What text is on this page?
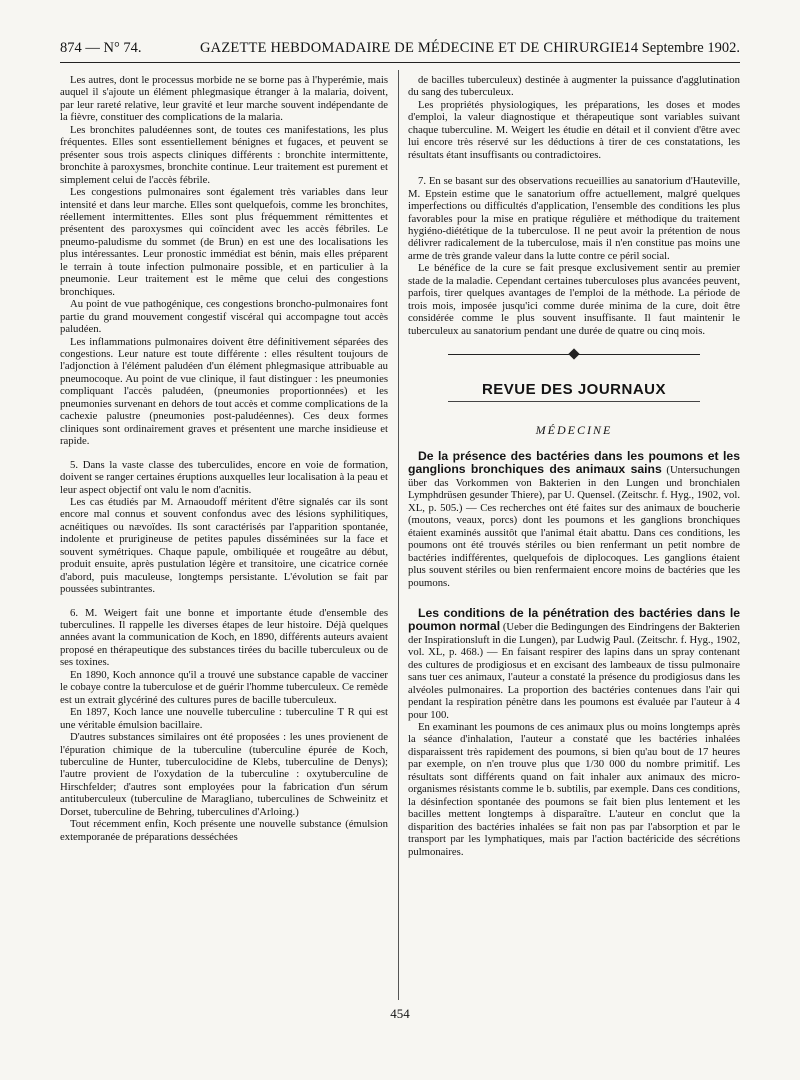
874 — N° 74.	GAZETTE HEBDOMADAIRE DE MÉDECINE ET DE CHIRURGIE.
14 Septembre 1902.

Les autres, dont le processus morbide ne se borne pas à l'hyperémie, mais auquel il s'ajoute un élément phlegmasique étranger à la malaria, doivent, par leur rareté relative, leur gravité et leur marche souvent indépendante de la fièvre, constituer des complications de la malaria.

Les bronchites paludéennes sont, de toutes ces manifestations, les plus fréquentes. Elles sont essentiellement bénignes et fugaces, et peuvent se présenter sous trois aspects cliniques différents : bronchite intermittente, bronchite à paroxysmes, bronchite continue. Leur traitement est purement et simplement celui de l'accès fébrile.

Les congestions pulmonaires sont également très variables dans leur intensité et dans leur marche. Elles sont quelquefois, comme les bronchites, réellement intermittentes. Elles sont plus fréquemment rémittentes et présentent des paroxysmes qui coïncident avec les accès fébriles. Le pneumo-paludisme du sommet (de Brun) en est une des localisations les plus intéressantes. Leur pronostic immédiat est bénin, mais elles préparent le terrain à toute infection pulmonaire possible, et en particulier à la pneumonie. Leur traitement est le même que celui des congestions bronchiques.

Au point de vue pathogénique, ces congestions broncho-pulmonaires font partie du grand mouvement congestif viscéral qui accompagne tout accès paludéen.

Les inflammations pulmonaires doivent être définitivement séparées des congestions. Leur nature est toute différente : elles résultent toujours de l'adjonction à l'élément paludéen d'un élément phlegmasique attribuable au pneumocoque. Au point de vue clinique, il faut distinguer : les pneumonies compliquant l'accès paludéen, (pneumonies proportionnées) et les pneumonies survenant en dehors de tout accès et comme complications de la cachexie palustre (pneumonies post-paludéennes). Ces deux formes cliniques sont ordinairement graves et présentent une marche insidieuse et rapide.

5. Dans la vaste classe des tuberculides, encore en voie de formation, doivent se ranger certaines éruptions auxquelles leur localisation à la peau et leur aspect objectif ont valu le nom d'acnitis.

Les cas étudiés par M. Arnaoudoff méritent d'être signalés car ils sont encore mal connus et souvent confondus avec des lésions syphilitiques, acnéitiques ou nævoïdes. Ils sont caractérisés par l'apparition spontanée, indolente et prurigineuse de petites papules disséminées sur la face et souvent symétriques. Chaque papule, ombiliquée et rougeâtre au début, produit ensuite, après pustulation légère et transitoire, une cicatrice cornée d'abord, puis maculeuse, longtemps persistante. L'évolution se fait par poussées subintrantes.

6. M. Weigert fait une bonne et importante étude d'ensemble des tuberculines. Il rappelle les diverses étapes de leur histoire. Déjà quelques années avant la communication de Koch, en 1890, différents auteurs avaient proposé en thérapeutique des substances tirées du bacille tuberculeux ou de ses toxines.

En 1890, Koch annonce qu'il a trouvé une substance capable de vacciner le cobaye contre la tuberculose et de guérir l'homme tuberculeux. Ce remède est un extrait glycériné des cultures pures de bacille tuberculeux.

En 1897, Koch lance une nouvelle tuberculine : tuberculine T R qui est une véritable émulsion bacillaire.

D'autres substances similaires ont été proposées : les unes provienent de l'épuration chimique de la tuberculine (tuberculine épurée de Koch, tuberculine de Hunter, tuberculocidine de Klebs, tuberculine de Denys); l'autre provient de l'oxydation de la tuberculine : oxytuberculine de Hirschfelder; d'autres sont employées pour la fabrication d'un sérum antituberculeux (tuberculine de Maragliano, tuberculines de Schweinitz et Dorset, tuberculine de Behring, tuberculines d'Arloing.)

Tout récemment enfin, Koch présente une nouvelle substance (émulsion extemporanée de préparations desséchées

de bacilles tuberculeux) destinée à augmenter la puissance d'agglutination du sang des tuberculeux.

Les propriétés physiologiques, les préparations, les doses et modes d'emploi, la valeur diagnostique et thérapeutique sont variables suivant chaque tuberculine. M. Weigert les étudie en détail et il convient d'être avec lui encore très réservé sur les déductions à tirer de ces constatations, les résultats étant insuffisants ou contradictoires.

7. En se basant sur des observations recueillies au sanatorium d'Hauteville, M. Epstein estime que le sanatorium offre actuellement, malgré quelques imperfections ou difficultés d'application, l'ensemble des conditions les plus favorables pour la mise en pratique régulière et méthodique du traitement hygiéno-diététique de la tuberculose. Il ne peut avoir la prétention de nous délivrer radicalement de la tuberculose, mais il n'en constitue pas moins une arme de très grande valeur dans la lutte contre ce péril social.

Le bénéfice de la cure se fait presque exclusivement sentir au premier stade de la maladie. Cependant certaines tuberculoses plus avancées peuvent, parfois, tirer quelques avantages de l'emploi de la méthode. La période de trois mois, imposée jusqu'ici comme durée minima de la cure, doit être considérée comme le plus souvent insuffisante. Il faut maintenir le tuberculeux au sanatorium pendant une durée de quatre ou cinq mois.

REVUE DES JOURNAUX
MÉDECINE

De la présence des bactéries dans les poumons et les ganglions bronchiques des animaux sains (Untersuchungen über das Vorkommen von Bakterien in den Lungen und bronchialen Lymphdrüsen gesunder Thiere), par U. Quensel. (Zeitschr. f. Hyg., 1902, vol. XL, p. 505.) — Ces recherches ont été faites sur des animaux de boucherie (moutons, veaux, porcs) dont les poumons et les ganglions bronchiques étaient examinés aussitôt que l'animal était abattu. Dans ces conditions, les poumons ont été trouvés stériles ou bien renfermant un petit nombre de bactéries indifférentes, quelquefois de diplocoques. Les ganglions étaient plus souvent stériles ou bien renfermaient encore moins de bactéries que les poumons.

Les conditions de la pénétration des bactéries dans le poumon normal (Ueber die Bedingungen des Eindringens der Bakterien der Inspirationsluft in die Lungen), par Ludwig Paul. (Zeitschr. f. Hyg., 1902, vol. XL, p. 468.) — En faisant respirer des lapins dans un spray contenant des cultures de prodigiosus et en excisant des lambeaux de tissu pulmonaire sans tuer ces animaux, l'auteur a constaté la présence du prodigiosus dans les alvéoles pulmonaires. La proportion des bactéries contenues dans l'air qui pendant la respiration pénètre dans les poumons est évaluée par l'auteur à 4 pour 100.

En examinant les poumons de ces animaux plus ou moins longtemps après la séance d'inhalation, l'auteur a constaté que les bactéries inhalées disparaissent très rapidement des poumons, si bien qu'au bout de 17 heures par exemple, on n'en trouve plus que 1/30 000 du nombre primitif. Les résultats sont différents quand on fait inhaler aux animaux des micro-organismes résistants comme le b. subtilis, par exemple. Dans ces conditions, la désinfection spontanée des poumons se fait bien plus lentement et les bacilles mettent longtemps à disparaître. L'auteur en conclut que la disparition des bactéries inhalées se fait non pas par l'absorption et par le transport par les lymphatiques, mais par l'action bactéricide des sécrétions pulmonaires.

454
